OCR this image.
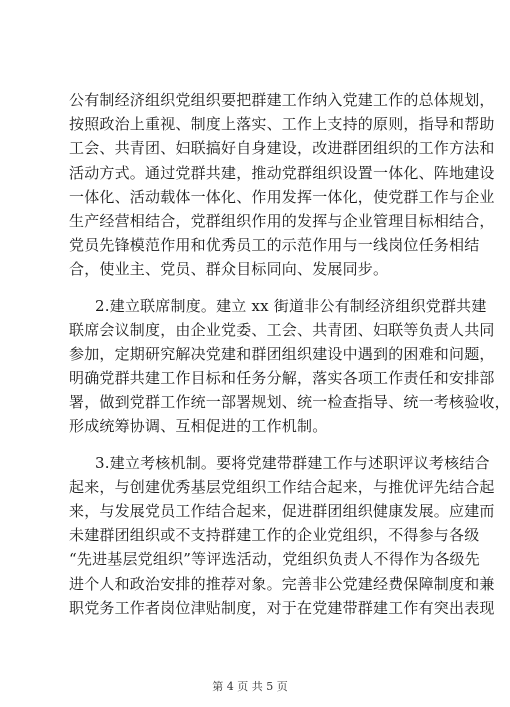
公有制经济组织党组织要把群建工作纳入党建工作的总体规划，
按照政治上重视、制度上落实、工作上支持的原则，指导和帮助
工会、共青团、妇联搞好自身建设，改进群团组织的工作方法和
活动方式。通过党群共建，推动党群组织设置一体化、阵地建设
一体化、活动载体一体化、作用发挥一体化，使党群工作与企业
生产经营相结合，党群组织作用的发挥与企业管理目标相结合，
党员先锋模范作用和优秀员工的示范作用与一线岗位任务相结
合，使业主、党员、群众目标同向、发展同步。
2.建立联席制度。建立 xx 街道非公有制经济组织党群共建
联席会议制度，由企业党委、工会、共青团、妇联等负责人共同
参加，定期研究解决党建和群团组织建设中遇到的困难和问题，
明确党群共建工作目标和任务分解，落实各项工作责任和安排部
署，做到党群工作统一部署规划、统一检查指导、统一考核验收，
形成统筹协调、互相促进的工作机制。
3.建立考核机制。要将党建带群建工作与述职评议考核结合
起来，与创建优秀基层党组织工作结合起来，与推优评先结合起
来，与发展党员工作结合起来，促进群团组织健康发展。应建而
未建群团组织或不支持群建工作的企业党组织，不得参与各级
“先进基层党组织”等评选活动，党组织负责人不得作为各级先
进个人和政治安排的推荐对象。完善非公党建经费保障制度和兼
职党务工作者岗位津贴制度，对于在党建带群建工作有突出表现
第 4 页 共 5 页
